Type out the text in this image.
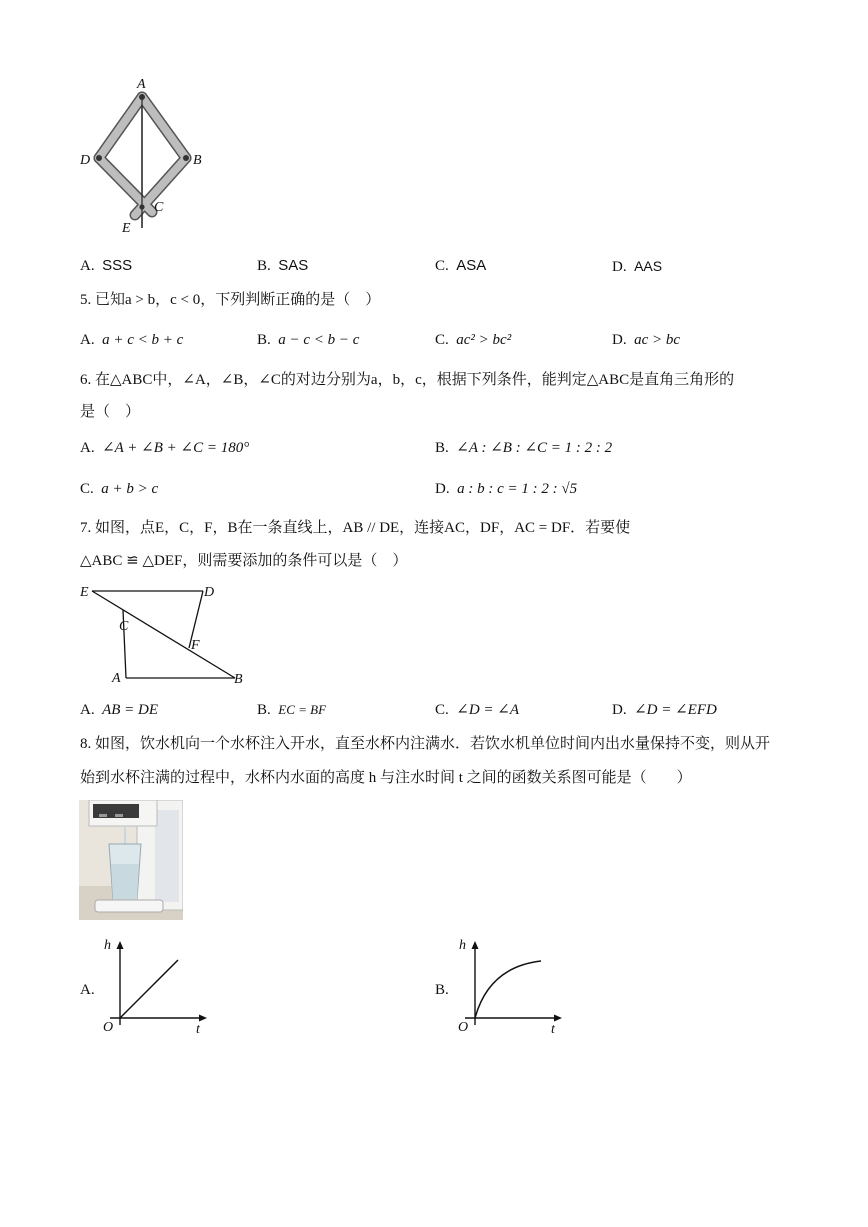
A
D	B
C
E
A. SSS	B. SAS	C. ASA	D. AAS
5. 已知a > b，c < 0，下列判断正确的是（　）
A. a + c < b + c	B. a − c < b − c	C. ac² > bc²	D. ac > bc
6. 在△ABC中，∠A，∠B，∠C的对边分别为a，b，c，根据下列条件，能判定△ABC是直角三角形的
是（　）
A. ∠A + ∠B + ∠C = 180°	B. ∠A : ∠B : ∠C = 1 : 2 : 2
C. a + b > c	D. a : b : c = 1 : 2 : √5
7. 如图，点E，C，F，B在一条直线上，AB // DE，连接AC，DF，AC = DF．若要使
△ABC ≌ △DEF，则需要添加的条件可以是（　）
E	D
C
F
A	B
A. AB = DE	B. EC = BF	C. ∠D = ∠A	D. ∠D = ∠EFD
8. 如图，饮水机向一个水杯注入开水，直至水杯内注满水．若饮水机单位时间内出水量保持不变，则从开
始到水杯注满的过程中，水杯内水面的高度 h 与注水时间 t 之间的函数关系图可能是（　　）
A.
h
t
O
B.
h
t
O
